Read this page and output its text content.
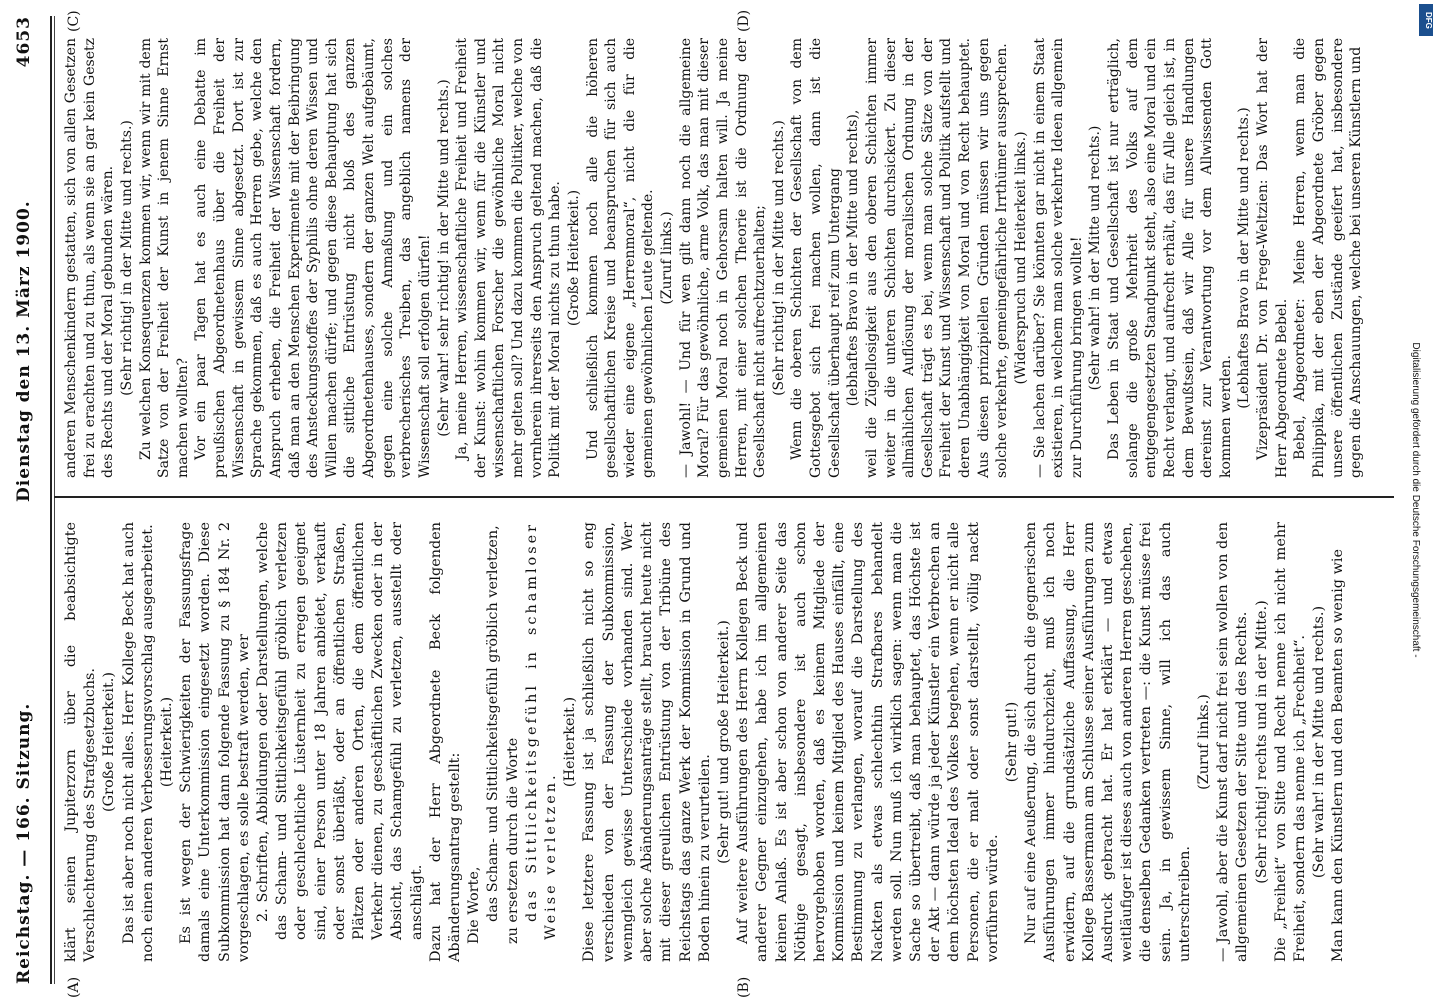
Reichstag. — 166. Sitzung.
Dienstag den 13. März 1900.
4653
(A)	(B)
(C)	(D)

klärt seinen Jupiterzorn über die beabsichtigte Verschlechterung des Strafgesetzbuchs. (Große Heiterkeit.) Das ist aber noch nicht alles. Herr Kollege Beck hat auch noch einen anderen Verbesserungsvorschlag ausgearbeitet. (Heiterkeit.) Es ist wegen der Schwierigkeiten der Fassungsfrage damals eine Unterkommission eingesetzt worden. Diese Subkommission hat dann folgende Fassung zu § 184 Nr. 2 vorgeschlagen, es solle bestraft werden, wer 2. Schriften, Abbildungen oder Darstellungen, welche das Scham- und Sittlichkeitsgefühl gröblich verletzen oder geschlechtliche Lüsternheit zu erregen geeignet sind, einer Person unter 18 Jahren anbietet, verkauft oder sonst überläßt, oder an öffentlichen Straßen, Plätzen oder anderen Orten, die dem öffentlichen Verkehr dienen, zu geschäftlichen Zwecken oder in der Absicht, das Schamgefühl zu verletzen, ausstellt oder anschlägt. Dazu hat der Herr Abgeordnete Beck folgenden Abänderungsantrag gestellt: Die Worte, das Scham- und Sittlichkeitsgefühl gröblich verletzen, zu ersetzen durch die Worte das Sittlichkeitsgefühl in schamloser Weise verletzen.

(Heiterkeit.) Diese letztere Fassung ist ja schließlich nicht so eng verschieden von der Fassung der Subkommission, wenngleich gewisse Unterschiede vorhanden sind. Wer aber solche Abänderungsanträge stellt, braucht heute nicht mit dieser greulichen Entrüstung von der Tribüne des Reichstags das ganze Werk der Kommission in Grund und Boden hinein zu verurteilen. (Sehr gut! und große Heiterkeit.) Auf weitere Ausführungen des Herrn Kollegen Beck und anderer Gegner einzugehen, habe ich im allgemeinen keinen Anlaß. Es ist aber schon von anderer Seite das Nöthige gesagt, insbesondere ist auch schon hervorgehoben worden, daß es keinem Mitgliede der Kommission und keinem Mitglied des Hauses einfällt, eine Bestimmung zu verlangen, worauf die Darstellung des Nackten als etwas schlechthin Strafbares behandelt werden soll. Nun muß ich wirklich sagen: wenn man die Sache so übertreibt, daß man behauptet, das Höchste ist der Akt — dann würde ja jeder Künstler ein Verbrechen an dem höchsten Ideal des Volkes begehen, wenn er nicht alle Personen, die er malt oder sonst darstellt, völlig nackt vorführen würde.

(Sehr gut!) Nur auf eine Aeußerung, die sich durch die gegnerischen Ausführungen immer hindurchzieht, muß ich noch erwidern, auf die grundsätzliche Auffassung, die Herr Kollege Bassermann am Schlusse seiner Ausführungen zum Ausdruck gebracht hat. Er hat erklärt — und etwas weitläufiger ist dieses auch von anderen Herren geschehen, die denselben Gedanken vertreten —: die Kunst müsse frei sein. Ja, in gewissem Sinne, will ich das auch unterschreiben.

(Zuruf links.) — Jawohl, aber die Kunst darf nicht frei sein wollen von den allgemeinen Gesetzen der Sitte und des Rechts. (Sehr richtig! rechts und in der Mitte.) Die „Freiheit“ von Sitte und Recht nenne ich nicht mehr Freiheit, sondern das nenne ich „Frechheit“. (Sehr wahr! in der Mitte und rechts.) Man kann den Künstlern und den Beamten so wenig wie

anderen Menschenkindern gestatten, sich von allen Gesetzen frei zu erachten und zu thun, als wenn sie an gar kein Gesetz des Rechts und der Moral gebunden wären. (Sehr richtig! in der Mitte und rechts.) Zu welchen Konsequenzen kommen wir, wenn wir mit dem Satze von der Freiheit der Kunst in jenem Sinne Ernst machen wollten? Vor ein paar Tagen hat es auch eine Debatte im preußischen Abgeordnetenhaus über die Freiheit der Wissenschaft in gewissem Sinne abgesetzt. Dort ist zur Sprache gekommen, daß es auch Herren gebe, welche den Anspruch erheben, die Freiheit der Wissenschaft fordern, daß man an den Menschen Experimente mit der Beibringung des Ansteckungsstoffes der Syphilis ohne deren Wissen und Willen machen dürfe; und gegen diese Behauptung hat sich die sittliche Entrüstung nicht bloß des ganzen Abgeordnetenhauses, sondern der ganzen Welt aufgebäumt, gegen eine solche Anmaßung und ein solches verbrecherisches Treiben, das angeblich namens der Wissenschaft soll erfolgen dürfen! (Sehr wahr! sehr richtig! in der Mitte und rechts.) Ja, meine Herren, wissenschaftliche Freiheit und Freiheit der Kunst: wohin kommen wir, wenn für die Künstler und wissenschaftlichen Forscher die gewöhnliche Moral nicht mehr gelten soll? Und dazu kommen die Politiker, welche von vornherein ihrerseits den Anspruch geltend machen, daß die Politik mit der Moral nichts zu thun habe. (Große Heiterkeit.) Und schließlich kommen noch alle die höheren gesellschaftlichen Kreise und beanspruchen für sich auch wieder eine eigene „Herrenmoral“, nicht die für die gemeinen gewöhnlichen Leute geltende. (Zuruf links.) — Jawohl! — Und für wen gilt dann noch die allgemeine Moral? Für das gewöhnliche, arme Volk, das man mit dieser gemeinen Moral noch in Gehorsam halten will. Ja meine Herren, mit einer solchen Theorie ist die Ordnung der Gesellschaft nicht aufrechtzuerhalten; (Sehr richtig! in der Mitte und rechts.) Wenn die oberen Schichten der Gesellschaft von dem Gottesgebot sich frei machen wollen, dann ist die Gesellschaft überhaupt reif zum Untergang (lebhaftes Bravo in der Mitte und rechts), weil die Zügellosigkeit aus den oberen Schichten immer weiter in die unteren Schichten durchsickert. Zu dieser allmählichen Auflösung der moralischen Ordnung in der Gesellschaft trägt es bei, wenn man solche Sätze von der Freiheit der Kunst und Wissenschaft und Politik aufstellt und deren Unabhängigkeit von Moral und von Recht behauptet. Aus diesen prinzipiellen Gründen müssen wir uns gegen solche verkehrte, gemeingefährliche Irrthümer aussprechen. (Widerspruch und Heiterkeit links.) — Sie lachen darüber? Sie könnten gar nicht in einem Staat existieren, in welchem man solche verkehrte Ideen allgemein zur Durchführung bringen wollte! (Sehr wahr! in der Mitte und rechts.) Das Leben in Staat und Gesellschaft ist nur erträglich, solange die große Mehrheit des Volks auf dem entgegengesetzten Standpunkt steht, also eine Moral und ein Recht verlangt, und aufrecht erhält, das für Alle gleich ist, in dem Bewußtsein, daß wir Alle für unsere Handlungen dereinst zur Verantwortung vor dem Allwissenden Gott kommen werden.

(Lebhaftes Bravo in der Mitte und rechts.) Vizepräsident Dr. von Frege-Weltzien: Das Wort hat der Herr Abgeordnete Bebel. Bebel, Abgeordneter: Meine Herren, wenn man die Philippika, mit der eben der Abgeordnete Gröber gegen unsere öffentlichen Zustände geeifert hat, insbesondere gegen die Anschauungen, welche bei unseren Künstlern und

Digitalisierung gefördert durch die Deutsche Forschungsgemeinschaft -
DFG
